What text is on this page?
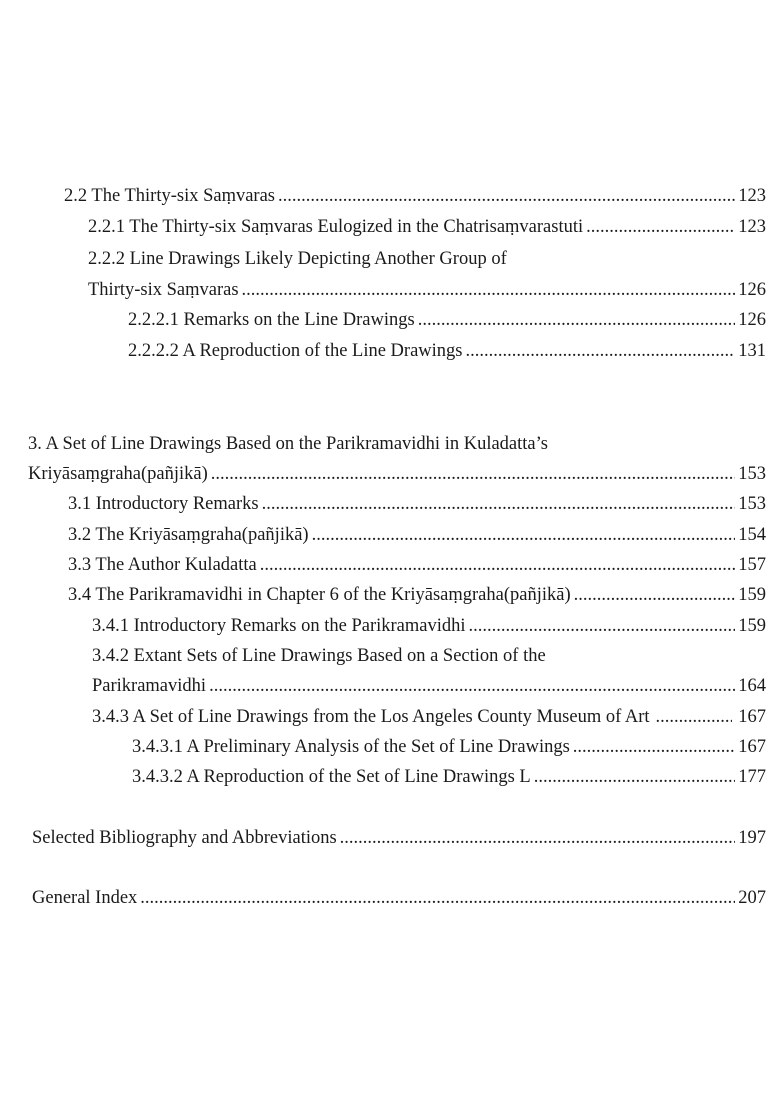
2.2 The Thirty-six Saṃvaras .....	123
2.2.1 The Thirty-six Saṃvaras Eulogized in the Chatrisaṃvarastuti .....	123
2.2.2 Line Drawings Likely Depicting Another Group of
Thirty-six Saṃvaras .....	126
2.2.2.1 Remarks on the Line Drawings .....	126
2.2.2.2 A Reproduction of the Line Drawings .....	131
3. A Set of Line Drawings Based on the Parikramavidhi in Kuladatta’s
Kriyāsaṃgraha(pañjikā) .....	153
3.1 Introductory Remarks .....	153
3.2 The Kriyāsaṃgraha(pañjikā) .....	154
3.3 The Author Kuladatta .....	157
3.4 The Parikramavidhi in Chapter 6 of the Kriyāsaṃgraha(pañjikā) .....	159
3.4.1 Introductory Remarks on the Parikramavidhi .....	159
3.4.2 Extant Sets of Line Drawings Based on a Section of the
Parikramavidhi .....	164
3.4.3 A Set of Line Drawings from the Los Angeles County Museum of Art .....	167
3.4.3.1 A Preliminary Analysis of the Set of Line Drawings .....	167
3.4.3.2 A Reproduction of the Set of Line Drawings L .....	177
Selected Bibliography and Abbreviations .....	197
General Index .....	207
